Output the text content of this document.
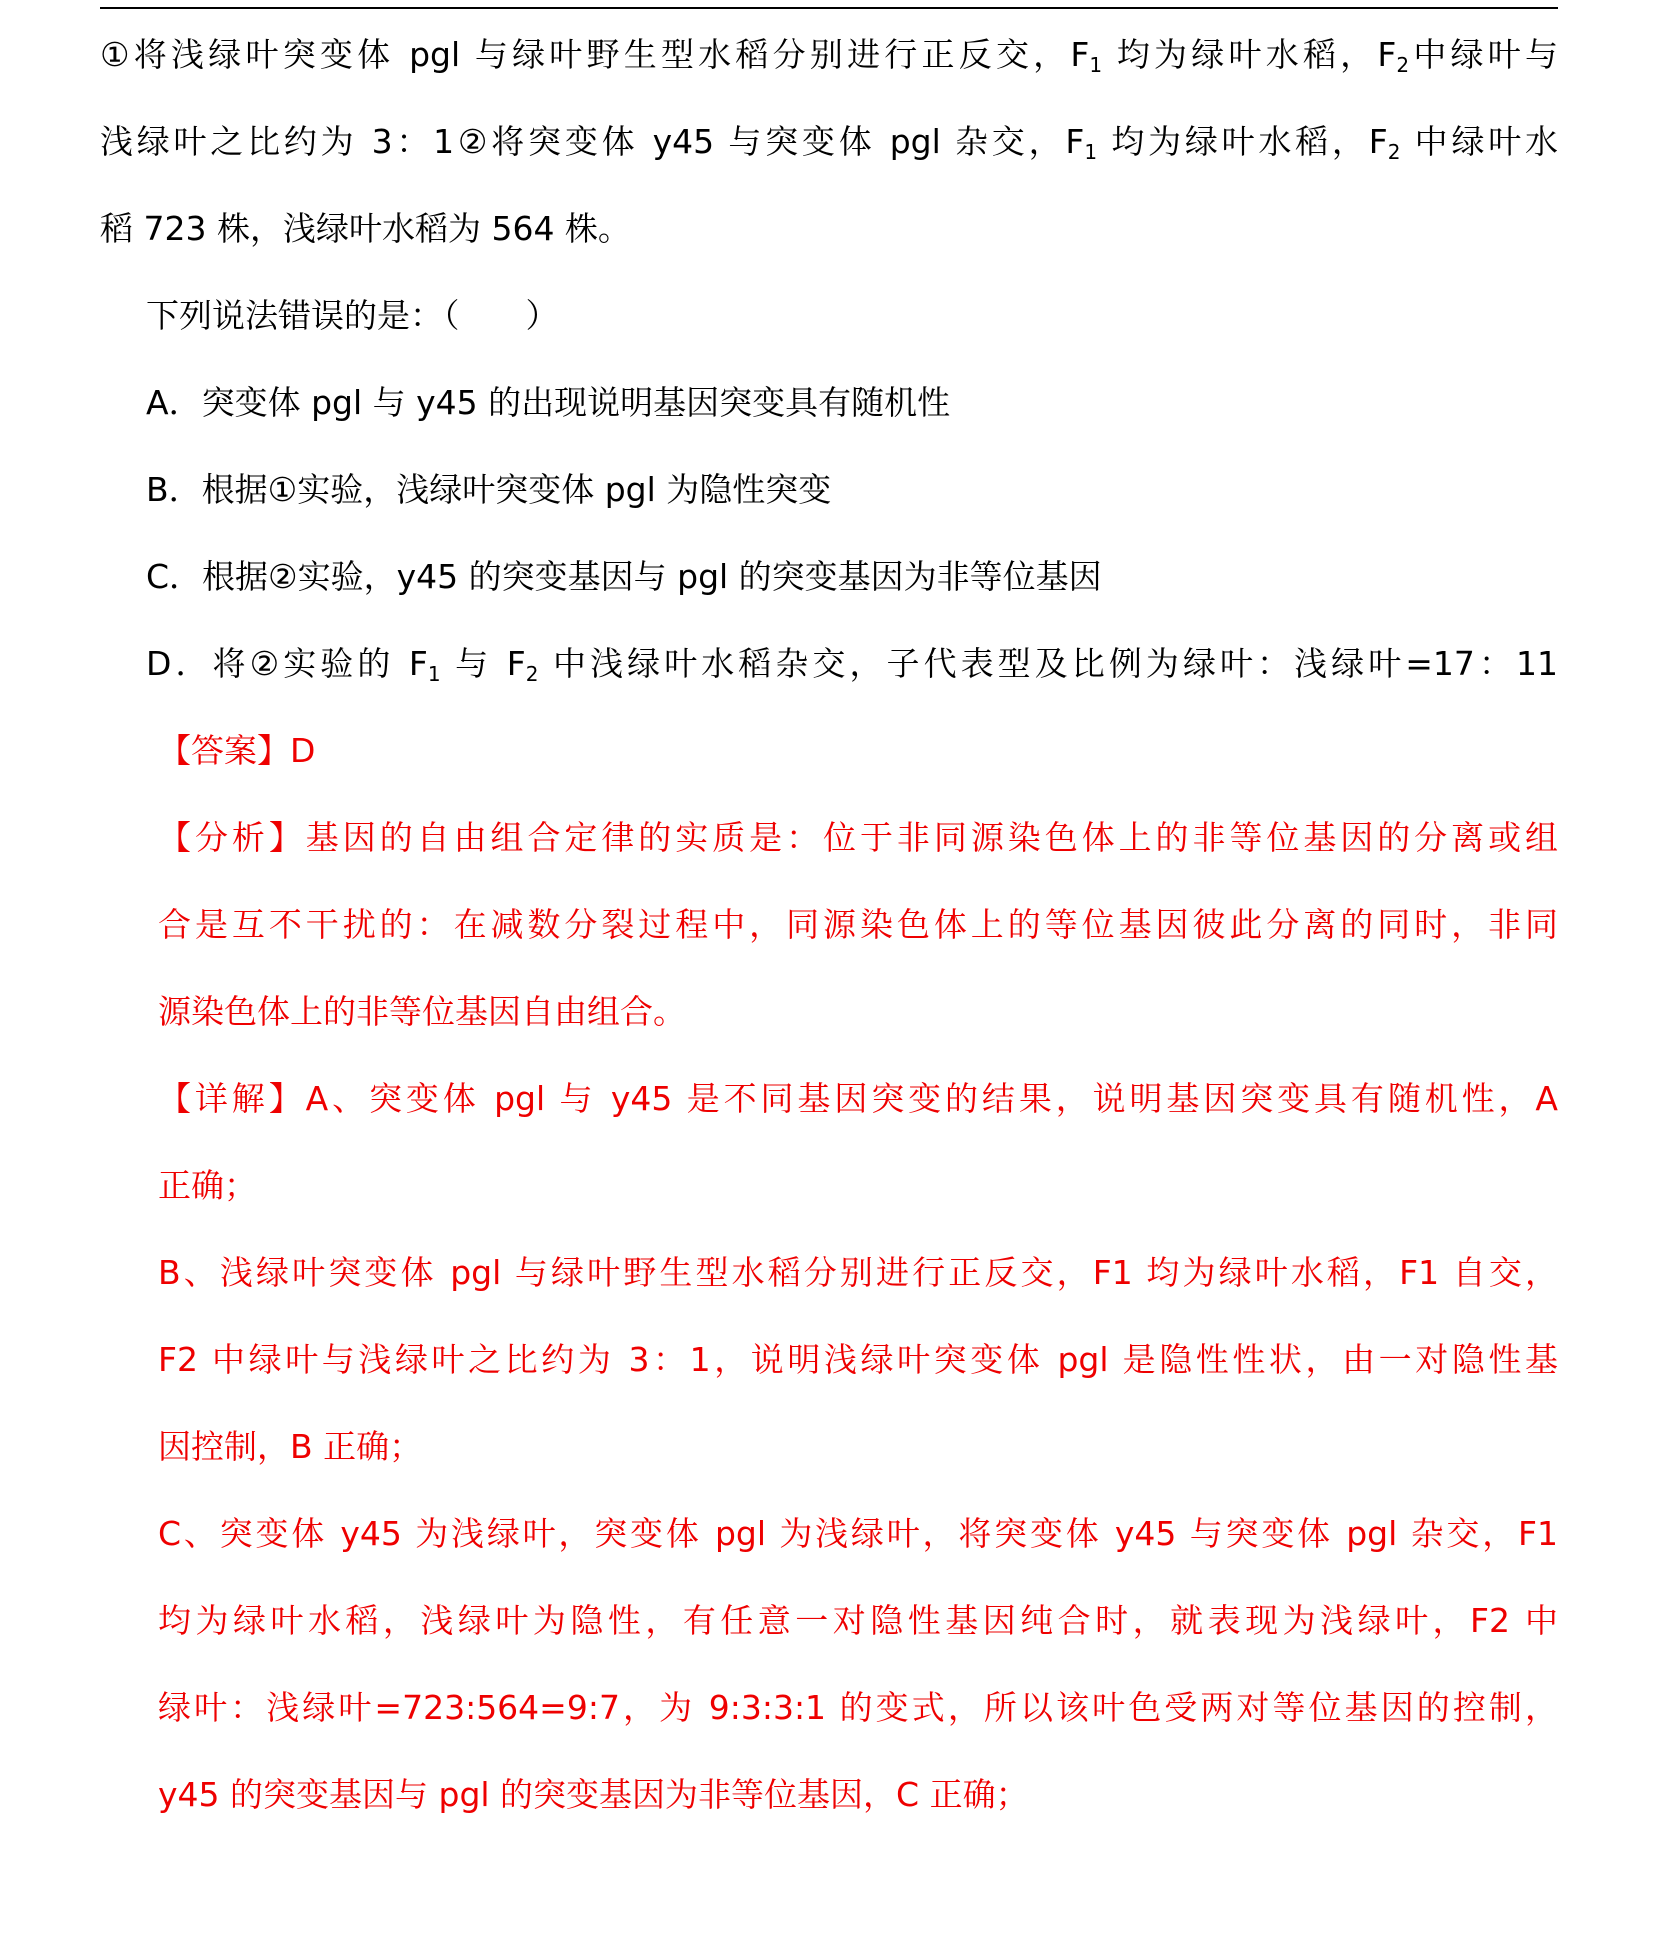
①将浅绿叶突变体 pgl 与绿叶野生型水稻分别进行正反交，$F_1$ 均为绿叶水稻，$F_2$中绿叶与

浅绿叶之比约为 3：1②将突变体 y45 与突变体 pgl 杂交，$F_1$ 均为绿叶水稻，$F_2$ 中绿叶水

稻 723 株，浅绿叶水稻为 564 株。

下列说法错误的是：（　　）

A．突变体 pgl 与 y45 的出现说明基因突变具有随机性

B．根据①实验，浅绿叶突变体 pgl 为隐性突变

C．根据②实验，y45 的突变基因与 pgl 的突变基因为非等位基因

D．将②实验的 $F_1$ 与 $F_2$ 中浅绿叶水稻杂交，子代表型及比例为绿叶：浅绿叶=17：11

【答案】D

【分析】基因的自由组合定律的实质是：位于非同源染色体上的非等位基因的分离或组

合是互不干扰的：在减数分裂过程中，同源染色体上的等位基因彼此分离的同时，非同

源染色体上的非等位基因自由组合。

【详解】A、突变体 pgl 与 y45 是不同基因突变的结果，说明基因突变具有随机性，A

正确；

B、浅绿叶突变体 pgl 与绿叶野生型水稻分别进行正反交，F1 均为绿叶水稻，F1 自交，

F2 中绿叶与浅绿叶之比约为 3：1，说明浅绿叶突变体 pgl 是隐性性状，由一对隐性基

因控制，B 正确；

C、突变体 y45 为浅绿叶，突变体 pgl 为浅绿叶，将突变体 y45 与突变体 pgl 杂交，F1

均为绿叶水稻，浅绿叶为隐性，有任意一对隐性基因纯合时，就表现为浅绿叶，F2 中

绿叶：浅绿叶=723:564=9:7，为 9:3:3:1 的变式，所以该叶色受两对等位基因的控制，

y45 的突变基因与 pgl 的突变基因为非等位基因，C 正确；
